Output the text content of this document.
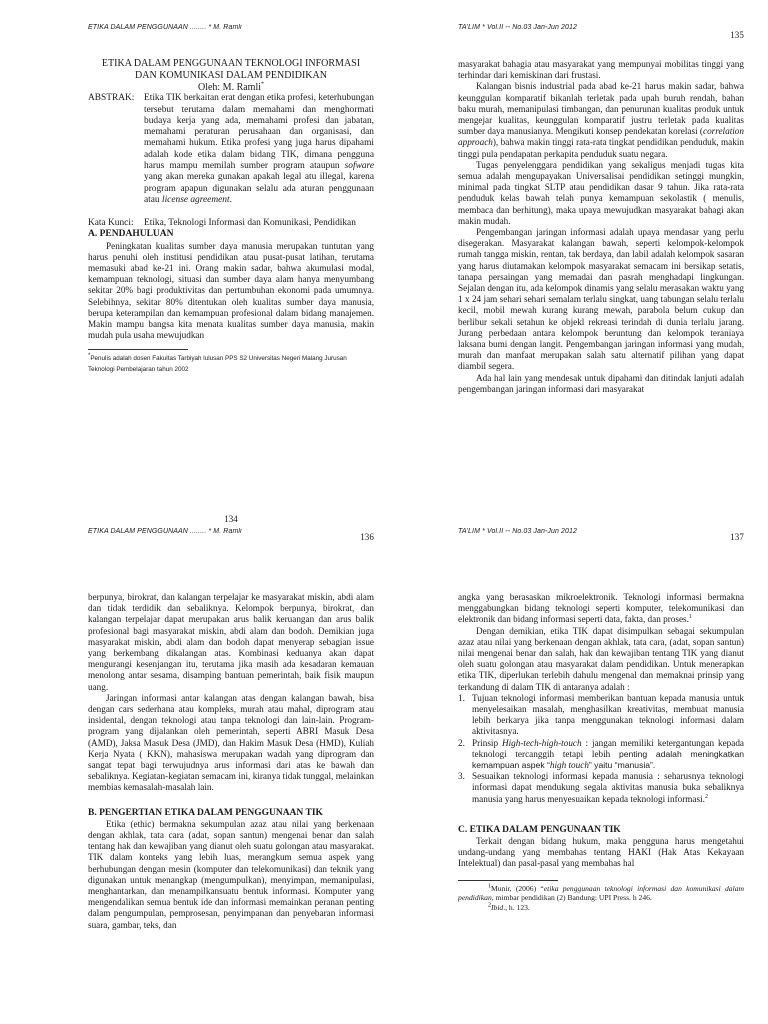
ETIKA DALAM PENGGUNAAN ........ * M. Ramli

ETIKA DALAM PENGGUNAAN TEKNOLOGI INFORMASI

DAN KOMUNIKASI DALAM PENDIDIKAN

Oleh: M. Ramli*

ABSTRAK:	Etika TIK berkaitan erat dengan etika profesi, keterhubungan tersebut terutama dalam memahami dan menghormati budaya kerja yang ada, memahami profesi dan jabatan, memahami peraturan perusahaan dan organisasi, dan memahami hukum. Etika profesi yang juga harus dipahami adalah kode etika dalam bidang TIK, dimana pengguna harus mampu memilah sumber program ataupun sofware yang akan mereka gunakan apakah legal atu illegal, karena program apapun digunakan selalu ada aturan penggunaan atau license agreement.
Kata Kunci:	Etika, Teknologi Informasi dan Komunikasi, Pendidikan

A. PENDAHULUAN

Peningkatan kualitas sumber daya manusia merupakan tuntutan yang harus penuhi oleh institusi pendidikan atau pusat-pusat latihan, terutama memasuki abad ke-21 ini. Orang makin sadar, bahwa akumulasi modal, kemampuan teknologi, situasi dan sumber daya alam hanya menyumbang sekitar 20% bagi produktivitas dan pertumbuhan ekonomi pada umumnya. Selebihnya, sekitar 80% ditentukan oleh kualitas sumber daya manusia, berupa keterampilan dan kemampuan profesional dalam bidang manajemen. Makin mampu bangsa kita menata kualitas sumber daya manusia, makin mudah pula usaha mewujudkan

*Penulis adalah dosen Fakultas Tarbiyah lulusan PPS S2 Universitas Negeri Malang Jurusan Teknologi Pembelajaran tahun 2002

134
TA'LIM * Vol.II -- No.03 Jan-Jun 2012
135

masyarakat bahagia atau masyarakat yang mempunyai mobilitas tinggi yang terhindar dari kemiskinan dari frustasi.

Kalangan bisnis industrial pada abad ke-21 harus makin sadar, bahwa keunggulan komparatif bikanlah terletak pada upah buruh rendah, bahan baku murah, memanipulasi timbangan, dan penurunan kualitas produk untuk mengejar kualitas, keunggulan komparatif justru terletak pada kualitas sumber daya manusianya. Mengikuti konsep pendekatan korelasi (correlation approach), bahwa makin tinggi rata-rata tingkat pendidikan penduduk, makin tinggi pula pendapatan perkapita penduduk suatu negara.

Tugas penyelenggara pendidikan yang sekaligus menjadi tugas kita semua adalah mengupayakan Universalisai pendidikan setinggi mungkin, minimal pada tingkat SLTP atau pendidikan dasar 9 tahun. Jika rata-rata penduduk kelas bawah telah punya kemampuan sekolastik ( menulis, membaca dan berhitung), maka upaya mewujudkan masyarakat bahagi akan makin mudah.

Pengembangan jaringan informasi adalah upaya mendasar yang perlu disegerakan. Masyarakat kalangan bawah, seperti kelompok-kelompok rumah tangga miskin, rentan, tak berdaya, dan labil adalah kelompok sasaran yang harus diutamakan kelompok masyarakat semacam ini bersikap setatis, tanapa persaingan yang memadai dan pasrah menghadapi lingkungan. Sejalan dengan itu, ada kelompok dinamis yang selalu merasakan waktu yang 1 x 24 jam sehari sehari semalam terlalu singkat, uang tabungan selalu terlalu kecil, mobil mewah kurang kurang mewah, parabola belum cukup dan berlibur sekali setahun ke objekl rekreasi terindah di dunia terlalu jarang. Jurang perbedaan antara kelompok beruntung dan kelompok teraniaya laksana bumi dengan langit. Pengembangan jaringan informasi yang mudah, murah dan manfaat merupakan salah satu alternatif pilihan yang dapat diambil segera.

Ada hal lain yang mendesak untuk dipahami dan ditindak lanjuti adalah pengembangan jaringan informasi dari masyarakat

ETIKA DALAM PENGGUNAAN ........ * M. Ramli
136

berpunya, birokrat, dan kalangan terpelajar ke masyarakat miskin, abdi alam dan tidak terdidik dan sebaliknya. Kelompok berpunya, birokrat, dan kalangan terpelajar dapat merupakan arus balik keruangan dan arus balik profesional bagi masyarakat miskin, abdi alam dan bodoh. Demikian juga masyarakat miskin, abdi alam dan bodoh dapat menyerap sebagian issue yang berkembang dikalangan atas. Kombinasi keduanya akan dapat mengurangi kesenjangan itu, terutama jika masih ada kesadaran kemauan menolong antar sesama, disamping bantuan pemerintah, baik fisik maupun uang.

Jaringan informasi antar kalangan atas dengan kalangan bawah, bisa dengan cars sederhana atau kompleks, murah atau mahal, diprogram atau insidental, dengan teknologi atau tanpa teknologi dan lain-lain. Program-program yang dijalankan oleh pemerintah, seperti ABRI Masuk Desa (AMD), Jaksa Masuk Desa (JMD), dan Hakim Masuk Desa (HMD), Kuliah Kerja Nyata ( KKN), mahasiswa merupakan wadah yang diprogram dan sangat tepat bagi terwujudnya arus informasi dari atas ke bawah dan sebaliknya. Kegiatan-kegiatan semacam ini, kiranya tidak tunggal, melainkan membias kemasalah-masalah lain.

B. PENGERTIAN ETIKA DALAM PENGGUNAAN TIK

Etika (ethic) bermakna sekumpulan azaz atau nilai yang berkenaan dengan akhlak, tata cara (adat, sopan santun) mengenai benar dan salah tentang hak dan kewajiban yang dianut oleh suatu golongan atau masyarakat. TIK dalam konteks yang lebih luas, merangkum semua aspek yang berhubungan dengan mesin (komputer dan telekomunikasi) dan teknik yang digunakan untuk menangkap (mengumpulkan), menyimpan, memanipulasi, menghantarkan, dan menampilkansuatu bentuk informasi. Komputer yang mengendalikan semua bentuk ide dan informasi memainkan peranan penting dalam pengumpulan, pemprosesan, penyimpanan dan penyebaran informasi suara, gambar, teks, dan

TA'LIM * Vol.II -- No.03 Jan-Jun 2012
137

angka yang berasaskan mikroelektronik. Teknologi informasi bermakna menggabungkan bidang teknologi seperti komputer, telekomunikasi dan elektronik dan bidang informasi seperti data, fakta, dan proses.$^1$

Dengan demikian, etika TIK dapat disimpulkan sebagai sekumpulan azaz atau nilai yang berkenaan dengan akhlak, tata cara, (adat, sopan santun) nilai mengenai benar dan salah, hak dan kewajiban tentang TIK yang dianut oleh suatu golongan atau masyarakat dalam pendidikan. Untuk menerapkan etika TIK, diperlukan terlebih dahulu mengenal dan memaknai prinsip yang terkandung di dalam TIK di antaranya adalah :

1. Tujuan teknologi informasi memberikan bantuan kepada manusia untuk menyelesaikan masalah, menghasilkan kreativitas, membuat manusia lebih berkarya jika tanpa menggunakan teknologi informasi dalam aktivitasnya.
2. Prinsip High-tech-high-touch : jangan memiliki ketergantungan kepada teknologi tercanggih tetapi lebih penting adalah meningkatkan kemampuan aspek “high touch” yaitu “manusia”.
3. Sesuaikan teknologi informasi kepada manusia : seharusnya teknologi informasi dapat mendukung segala aktivitas manusia buka sebaliknya manusia yang harus menyesuaikan kepada teknologi informasi.$^2$

C. ETIKA DALAM PENGUNAAN TIK

Terkait dengan bidang hukum, maka pengguna harus mengetahui undang-undang yang membahas tentang HAKI (Hak Atas Kekayaan Intelektual) dan pasal-pasal yang membahas hal

$^1$Munir, (2006) “etika penggunaan teknologi informasi dan komunikasi dalam pendidikan, mimbar pendidikan (2) Bandung: UPI Press. h 246.

$^2$Ibid., h. 123.
